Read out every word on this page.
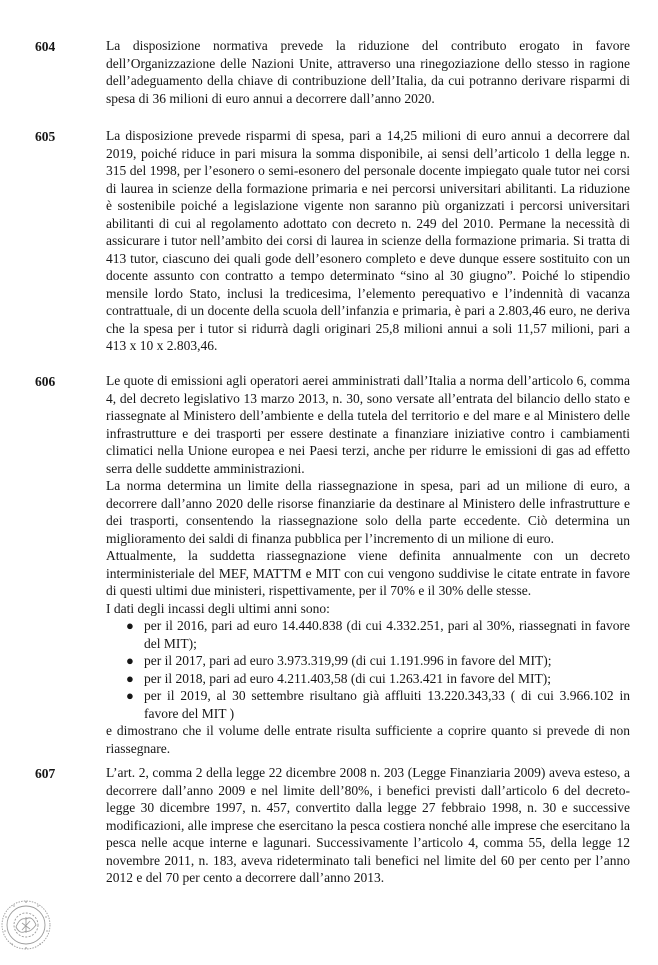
604	La disposizione normativa prevede la riduzione del contributo erogato in favore dell’Organizzazione delle Nazioni Unite, attraverso una rinegoziazione dello stesso in ragione dell’adeguamento della chiave di contribuzione dell’Italia, da cui potranno derivare risparmi di spesa di 36 milioni di euro annui a decorrere dall’anno 2020.

605	La disposizione prevede risparmi di spesa, pari a 14,25 milioni di euro annui a decorrere dal 2019, poiché riduce in pari misura la somma disponibile, ai sensi dell’articolo 1 della legge n. 315 del 1998, per l’esonero o semi-esonero del personale docente impiegato quale tutor nei corsi di laurea in scienze della formazione primaria e nei percorsi universitari abilitanti. La riduzione è sostenibile poiché a legislazione vigente non saranno più organizzati i percorsi universitari abilitanti di cui al regolamento adottato con decreto n. 249 del 2010. Permane la necessità di assicurare i tutor nell’ambito dei corsi di laurea in scienze della formazione primaria. Si tratta di 413 tutor, ciascuno dei quali gode dell’esonero completo e deve dunque essere sostituito con un docente assunto con contratto a tempo determinato “sino al 30 giugno”. Poiché lo stipendio mensile lordo Stato, inclusi la tredicesima, l’elemento perequativo e l’indennità di vacanza contrattuale, di un docente della scuola dell’infanzia e primaria, è pari a 2.803,46 euro, ne deriva che la spesa per i tutor si ridurrà dagli originari 25,8 milioni annui a soli 11,57 milioni, pari a 413 x 10 x 2.803,46.

606	Le quote di emissioni agli operatori aerei amministrati dall’Italia a norma dell’articolo 6, comma 4, del decreto legislativo 13 marzo 2013, n. 30, sono versate all’entrata del bilancio dello stato e riassegnate al Ministero dell’ambiente e della tutela del territorio e del mare e al Ministero delle infrastrutture e dei trasporti per essere destinate a finanziare iniziative contro i cambiamenti climatici nella Unione europea e nei Paesi terzi, anche per ridurre le emissioni di gas ad effetto serra delle suddette amministrazioni.

La norma determina un limite della riassegnazione in spesa, pari ad un milione di euro, a decorrere dall’anno 2020 delle risorse finanziarie da destinare al Ministero delle infrastrutture e dei trasporti, consentendo la riassegnazione solo della parte eccedente. Ciò determina un miglioramento dei saldi di finanza pubblica per l’incremento di un milione di euro.

Attualmente, la suddetta riassegnazione viene definita annualmente con un decreto interministeriale del MEF, MATTM e MIT con cui vengono suddivise le citate entrate in favore di questi ultimi due ministeri, rispettivamente, per il 70% e il 30% delle stesse.

I dati degli incassi degli ultimi anni sono:

● per il 2016, pari ad euro 14.440.838 (di cui 4.332.251, pari al 30%, riassegnati in favore del MIT);
● per il 2017, pari ad euro 3.973.319,99 (di cui 1.191.996 in favore del MIT);
● per il 2018, pari ad euro 4.211.403,58 (di cui 1.263.421 in favore del MIT);
● per il 2019, al 30 settembre risultano già affluiti 13.220.343,33 ( di cui 3.966.102 in favore del MIT )

e dimostrano che il volume delle entrate risulta sufficiente a coprire quanto si prevede di non riassegnare.

607	L’art. 2, comma 2 della legge 22 dicembre 2008 n. 203 (Legge Finanziaria 2009) aveva esteso, a decorrere dall’anno 2009 e nel limite dell’80%, i benefici previsti dall’articolo 6 del decreto-legge 30 dicembre 1997, n. 457, convertito dalla legge 27 febbraio 1998, n. 30 e successive modificazioni, alle imprese che esercitano la pesca costiera nonché alle imprese che esercitano la pesca nelle acque interne e lagunari. Successivamente l’articolo 4, comma 55, della legge 12 novembre 2011, n. 183, aveva rideterminato tali benefici nel limite del 60 per cento per l’anno 2012 e del 70 per cento a decorrere dall’anno 2013.
